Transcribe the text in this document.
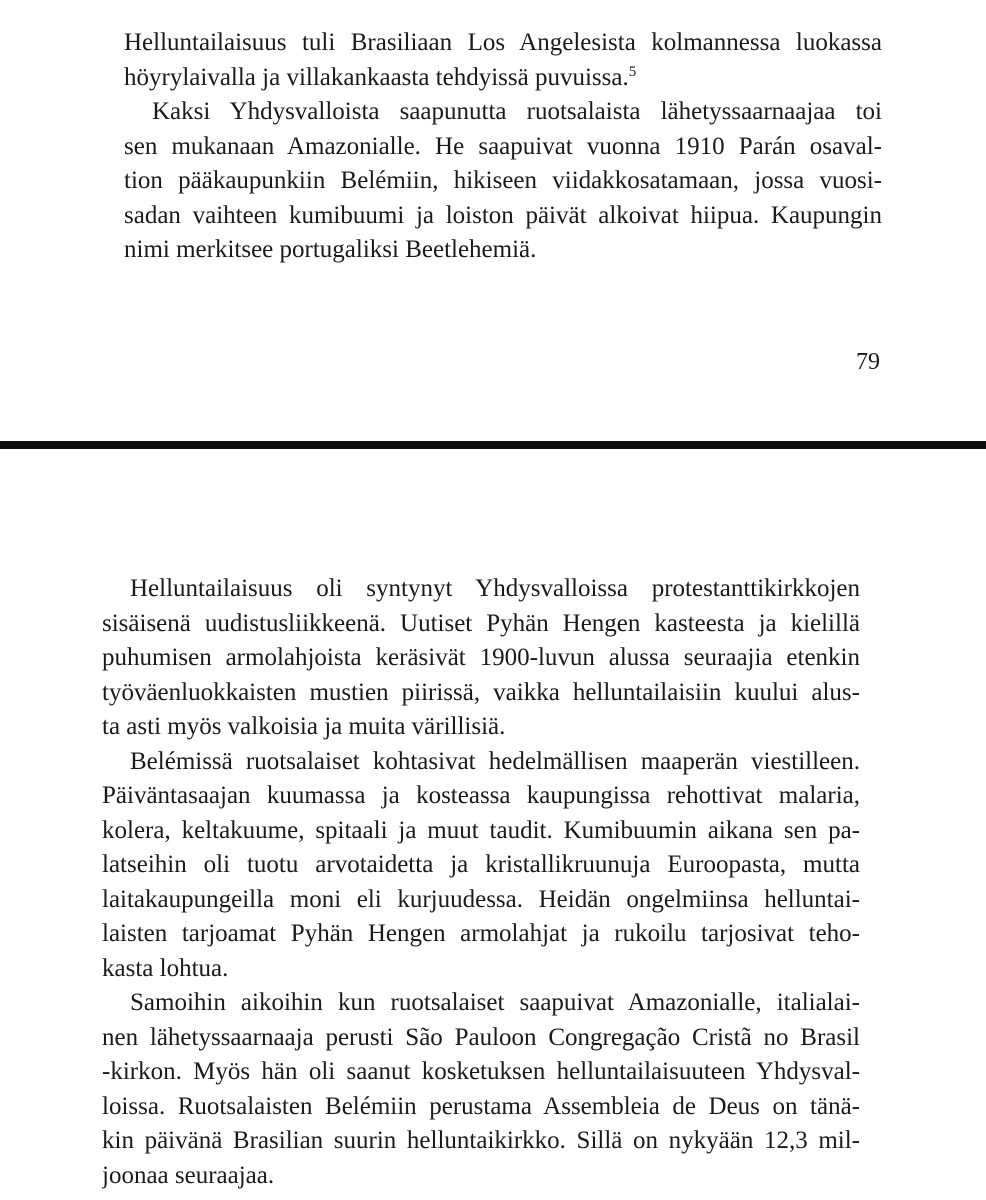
Helluntailaisuus tuli Brasiliaan Los Angelesista kolmannessa luokassa
höyrylaivalla ja villakankaasta tehdyissä puvuissa.$^5$
Kaksi Yhdysvalloista saapunutta ruotsalaista lähetyssaarnaajaa toi
sen mukanaan Amazonialle. He saapuivat vuonna 1910 Parán osaval-
tion pääkaupunkiin Belémiin, hikiseen viidakkosatamaan, jossa vuosi-
sadan vaihteen kumibuumi ja loiston päivät alkoivat hiipua. Kaupungin
nimi merkitsee portugaliksi Beetlehemiä.
79
Helluntailaisuus oli syntynyt Yhdysvalloissa protestanttikirkkojen
sisäisenä uudistusliikkeenä. Uutiset Pyhän Hengen kasteesta ja kielillä
puhumisen armolahjoista keräsivät 1900-luvun alussa seuraajia etenkin
työväenluokkaisten mustien piirissä, vaikka helluntailaisiin kuului alus-
ta asti myös valkoisia ja muita värillisiä.
Belémissä ruotsalaiset kohtasivat hedelmällisen maaperän viestilleen.
Päiväntasaajan kuumassa ja kosteassa kaupungissa rehottivat malaria,
kolera, keltakuume, spitaali ja muut taudit. Kumibuumin aikana sen pa-
latseihin oli tuotu arvotaidetta ja kristallikruunuja Euroopasta, mutta
laitakaupungeilla moni eli kurjuudessa. Heidän ongelmiinsa helluntai-
laisten tarjoamat Pyhän Hengen armolahjat ja rukoilu tarjosivat teho-
kasta lohtua.
Samoihin aikoihin kun ruotsalaiset saapuivat Amazonialle, italialai-
nen lähetyssaarnaaja perusti São Pauloon Congregação Cristã no Brasil
-kirkon. Myös hän oli saanut kosketuksen helluntailaisuuteen Yhdysval-
loissa. Ruotsalaisten Belémiin perustama Assembleia de Deus on tänä-
kin päivänä Brasilian suurin helluntaikirkko. Sillä on nykyään 12,3 mil-
joonaa seuraajaa.
